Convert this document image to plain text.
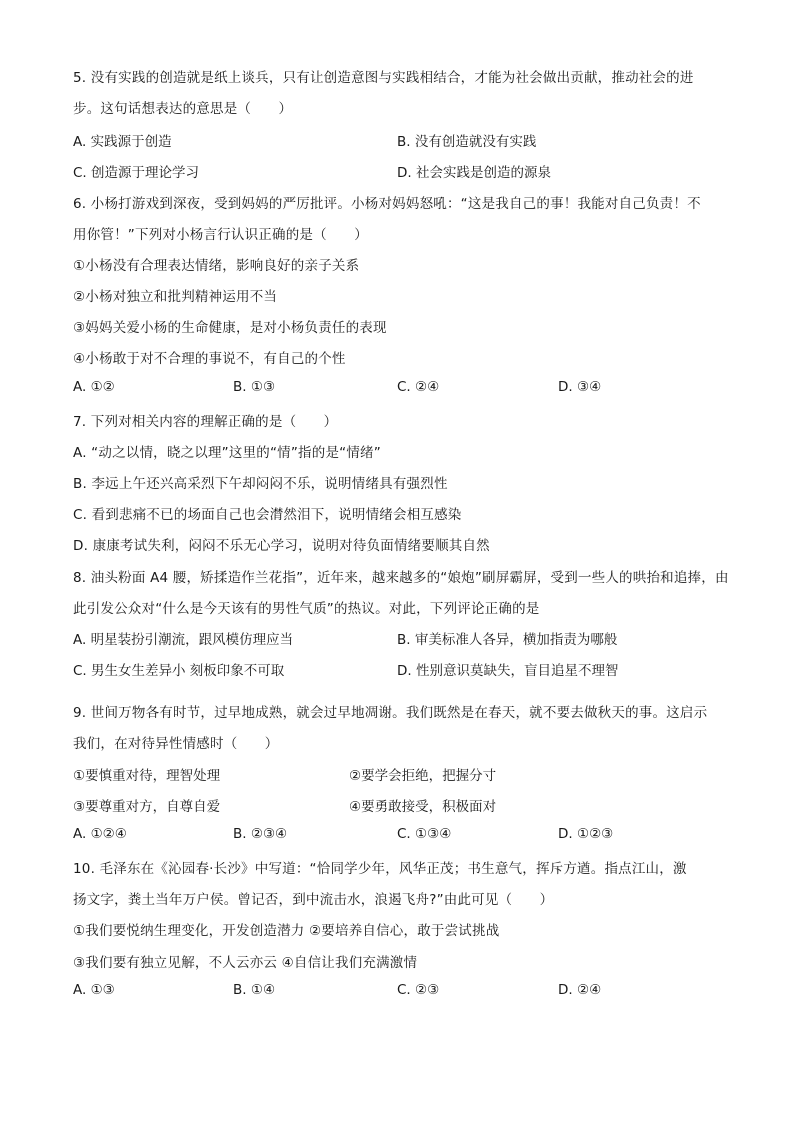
5. 没有实践的创造就是纸上谈兵，只有让创造意图与实践相结合，才能为社会做出贡献，推动社会的进
步。这句话想表达的意思是（　　）
A. 实践源于创造	B. 没有创造就没有实践
C. 创造源于理论学习	D. 社会实践是创造的源泉
6. 小杨打游戏到深夜，受到妈妈的严厉批评。小杨对妈妈怒吼：“这是我自己的事！我能对自己负责！不
用你管！”下列对小杨言行认识正确的是（　　）
①小杨没有合理表达情绪，影响良好的亲子关系
②小杨对独立和批判精神运用不当
③妈妈关爱小杨的生命健康，是对小杨负责任的表现
④小杨敢于对不合理的事说不，有自己的个性
A. ①②	B. ①③	C. ②④	D. ③④
7. 下列对相关内容的理解正确的是（　　）
A. “动之以情，晓之以理”这里的“情”指的是“情绪”
B. 李远上午还兴高采烈下午却闷闷不乐，说明情绪具有强烈性
C. 看到悲痛不已的场面自己也会潸然泪下，说明情绪会相互感染
D. 康康考试失利，闷闷不乐无心学习，说明对待负面情绪要顺其自然
8. 油头粉面 A4 腰，矫揉造作兰花指”，近年来，越来越多的“娘炮”刷屏霸屏，受到一些人的哄抬和追捧，由
此引发公众对“什么是今天该有的男性气质”的热议。对此，下列评论正确的是
A. 明星装扮引潮流，跟风模仿理应当	B. 审美标准人各异，横加指责为哪般
C. 男生女生差异小 刻板印象不可取	D. 性别意识莫缺失，盲目追星不理智
9. 世间万物各有时节，过早地成熟，就会过早地凋谢。我们既然是在春天，就不要去做秋天的事。这启示
我们，在对待异性情感时（　　）
①要慎重对待，理智处理	②要学会拒绝，把握分寸
③要尊重对方，自尊自爱	④要勇敢接受，积极面对
A. ①②④	B. ②③④	C. ①③④	D. ①②③
10. 毛泽东在《沁园春·长沙》中写道：“恰同学少年，风华正茂；书生意气，挥斥方遒。指点江山，激
扬文字，粪土当年万户侯。曾记否，到中流击水，浪遏飞舟?”由此可见（　　）
①我们要悦纳生理变化，开发创造潜力 ②要培养自信心，敢于尝试挑战
③我们要有独立见解，不人云亦云 ④自信让我们充满激情
A. ①③	B. ①④	C. ②③	D. ②④
